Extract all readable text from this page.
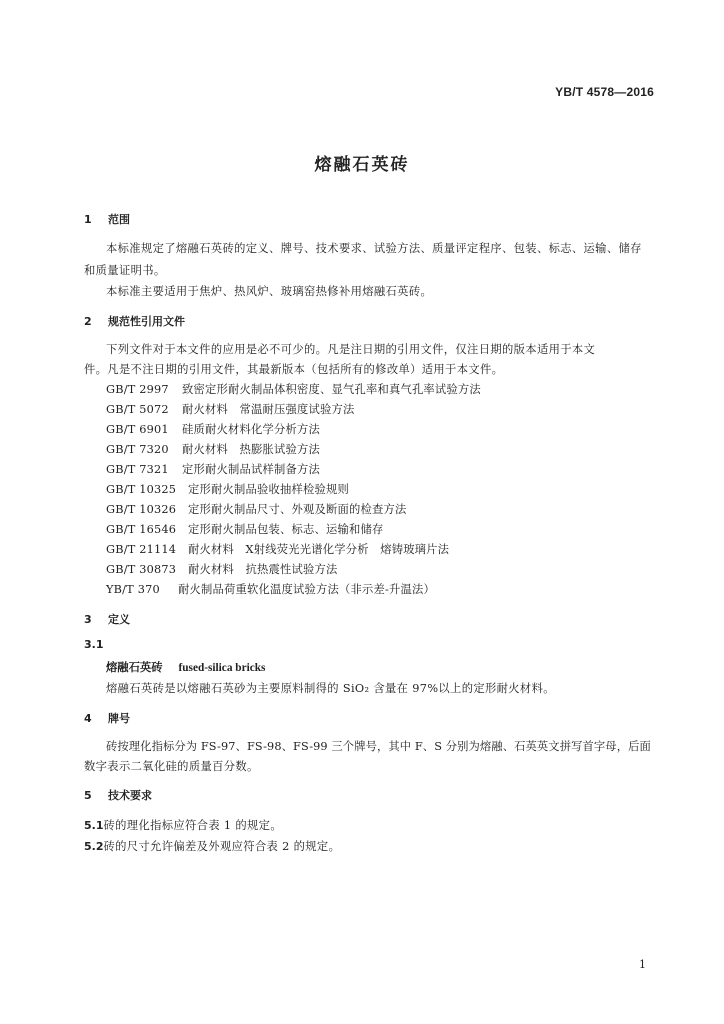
YB/T 4578—2016
熔融石英砖
1 范围
本标准规定了熔融石英砖的定义、牌号、技术要求、试验方法、质量评定程序、包装、标志、运输、储存
和质量证明书。
本标准主要适用于焦炉、热风炉、玻璃窑热修补用熔融石英砖。
2 规范性引用文件
下列文件对于本文件的应用是必不可少的。凡是注日期的引用文件，仅注日期的版本适用于本文
件。凡是不注日期的引用文件，其最新版本（包括所有的修改单）适用于本文件。
GB/T 2997 致密定形耐火制品体积密度、显气孔率和真气孔率试验方法
GB/T 5072 耐火材料　常温耐压强度试验方法
GB/T 6901 硅质耐火材料化学分析方法
GB/T 7320 耐火材料　热膨胀试验方法
GB/T 7321 定形耐火制品试样制备方法
GB/T 10325 定形耐火制品验收抽样检验规则
GB/T 10326 定形耐火制品尺寸、外观及断面的检查方法
GB/T 16546 定形耐火制品包装、标志、运输和储存
GB/T 21114 耐火材料　X射线荧光光谱化学分析　熔铸玻璃片法
GB/T 30873 耐火材料　抗热震性试验方法
YB/T 370 耐火制品荷重软化温度试验方法（非示差-升温法）
3 定义
3.1
熔融石英砖 fused-silica bricks
熔融石英砖是以熔融石英砂为主要原料制得的 SiO₂ 含量在 97%以上的定形耐火材料。
4 牌号
砖按理化指标分为 FS-97、FS-98、FS-99 三个牌号，其中 F、S 分别为熔融、石英英文拼写首字母，后面
数字表示二氧化硅的质量百分数。
5 技术要求
5.1砖的理化指标应符合表 1 的规定。
5.2砖的尺寸允许偏差及外观应符合表 2 的规定。
1
